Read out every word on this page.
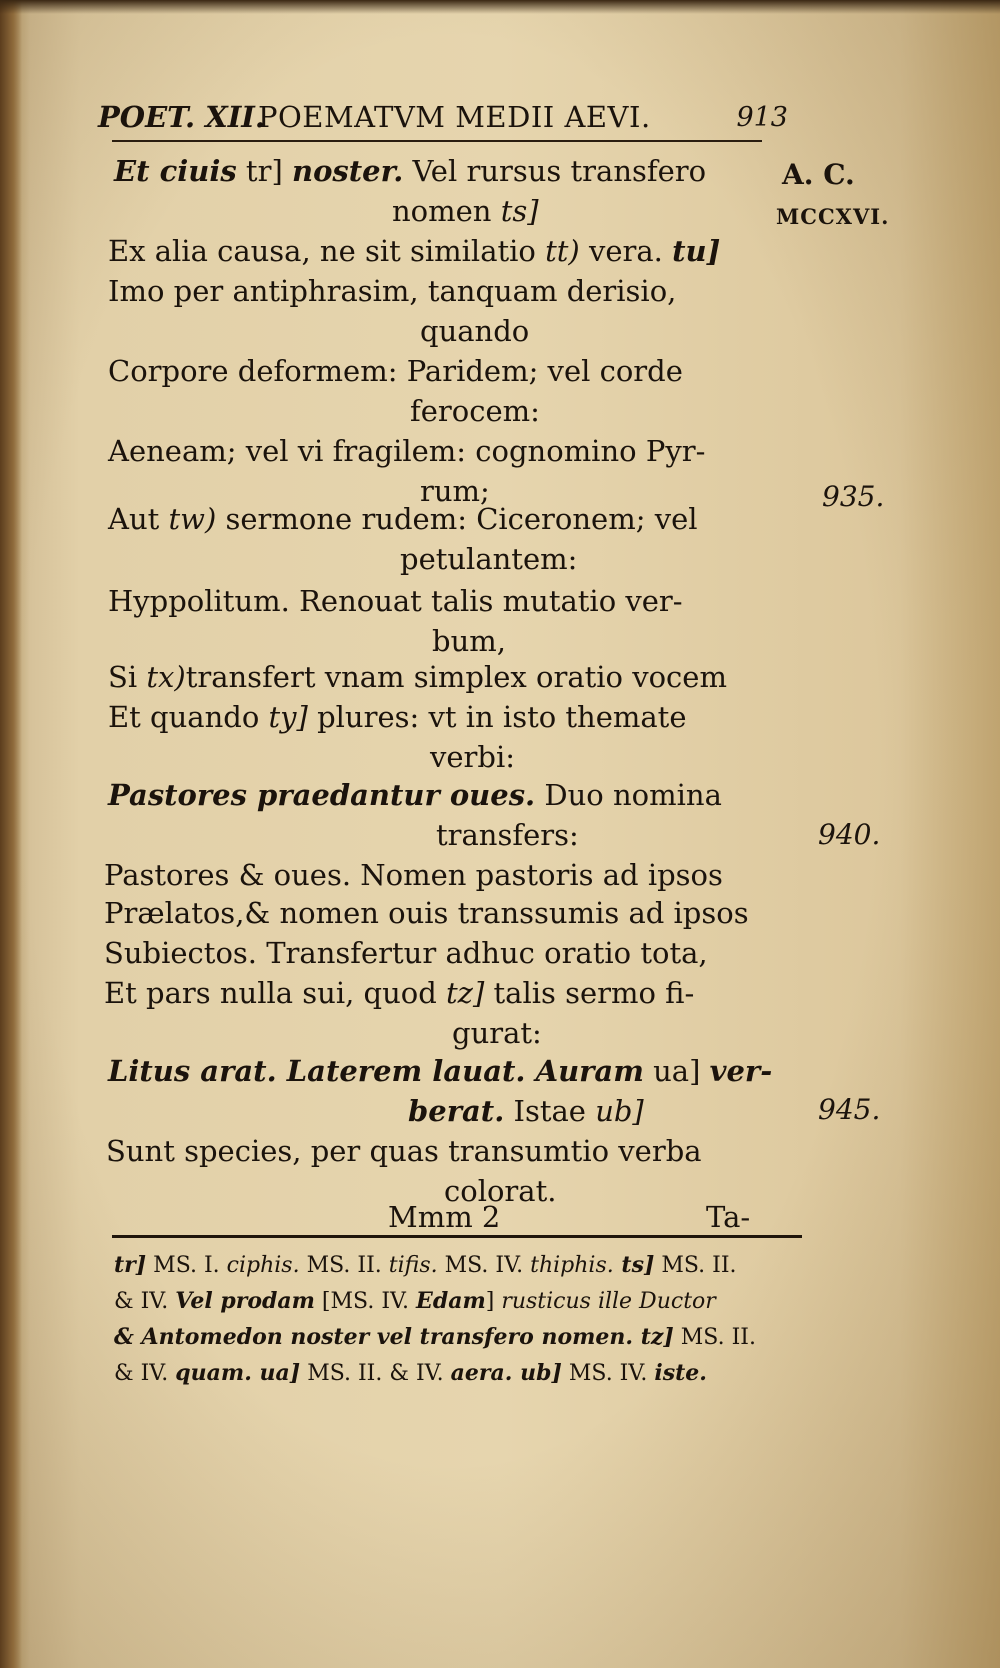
POET. XII.
POEMATVM MEDII AEVI.	913
A. C.
MCCXVI.
935.
940.
945.
Et ciuis tr] noster. Vel rursus transfero
nomen ts]
Ex alia causa, ne sit similatio tt) vera. tu]
Imo per antiphrasim, tanquam derisio,
quando
Corpore deformem: Paridem; vel corde
ferocem:
Aeneam; vel vi fragilem: cognomino Pyr-
rum;
Aut tw) sermone rudem: Ciceronem; vel
petulantem:
Hyppolitum. Renouat talis mutatio ver-
bum,
Si tx)transfert vnam simplex oratio vocem
Et quando ty] plures: vt in isto themate
verbi:
Pastores praedantur oues. Duo nomina
transfers:
Pastores & oues. Nomen pastoris ad ipsos
Prælatos,& nomen ouis transsumis ad ipsos
Subiectos. Transfertur adhuc oratio tota,
Et pars nulla sui, quod tz] talis sermo fi-
gurat:
Litus arat. Laterem lauat. Auram ua] ver-
berat. Istae ub]
Sunt species, per quas transumtio verba
colorat.
Mmm 2	Ta-
tr] MS. I. ciphis. MS. II. tifis. MS. IV. thiphis. ts] MS. II.
& IV. Vel prodam [MS. IV. Edam] rusticus ille Ductor
& Antomedon noster vel transfero nomen. tz] MS. II.
& IV. quam. ua] MS. II. & IV. aera. ub] MS. IV. iste.
